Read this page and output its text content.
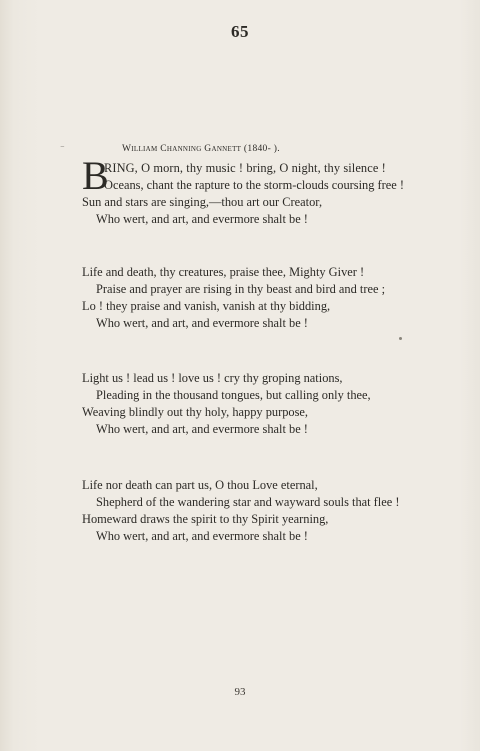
65
⁻	William Channing Gannett (1840- ).
B
RING, O morn, thy music ! bring, O night, thy silence !
Oceans, chant the rapture to the storm-clouds coursing free !
Sun and stars are singing,—thou art our Creator,
Who wert, and art, and evermore shalt be !
Life and death, thy creatures, praise thee, Mighty Giver !
Praise and prayer are rising in thy beast and bird and tree ;
Lo ! they praise and vanish, vanish at thy bidding,
Who wert, and art, and evermore shalt be !
Light us ! lead us ! love us ! cry thy groping nations,
Pleading in the thousand tongues, but calling only thee,
Weaving blindly out thy holy, happy purpose,
Who wert, and art, and evermore shalt be !
Life nor death can part us, O thou Love eternal,
Shepherd of the wandering star and wayward souls that flee !
Homeward draws the spirit to thy Spirit yearning,
Who wert, and art, and evermore shalt be !
93
